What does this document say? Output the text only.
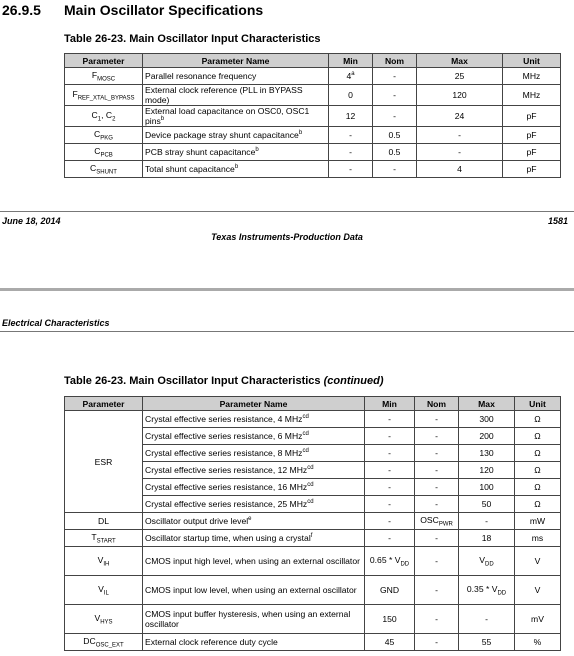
26.9.5 Main Oscillator Specifications
Table 26-23. Main Oscillator Input Characteristics
Parameter	Parameter Name	Min	Nom	Max	Unit
$F_{MOSC}$	Parallel resonance frequency	4$^a$	-	25	MHz
$F_{REF\_XTAL\_BYPASS}$	External clock reference (PLL in BYPASS mode)	0	-	120	MHz
$C_1$, $C_2$	External load capacitance on OSC0, OSC1 pins$^b$	12	-	24	pF
$C_{PKG}$	Device package stray shunt capacitance$^b$	-	0.5	-	pF
$C_{PCB}$	PCB stray shunt capacitance$^b$	-	0.5	-	pF
$C_{SHUNT}$	Total shunt capacitance$^b$	-	-	4	pF
June 18, 2014	1581
Texas Instruments-Production Data
Electrical Characteristics
Table 26-23. Main Oscillator Input Characteristics (continued)
Parameter	Parameter Name	Min	Nom	Max	Unit
ESR	Crystal effective series resistance, 4 MHz$^{cd}$	-	-	300	Ω
	Crystal effective series resistance, 6 MHz$^{cd}$	-	-	200	Ω
	Crystal effective series resistance, 8 MHz$^{cd}$	-	-	130	Ω
	Crystal effective series resistance, 12 MHz$^{cd}$	-	-	120	Ω
	Crystal effective series resistance, 16 MHz$^{cd}$	-	-	100	Ω
	Crystal effective series resistance, 25 MHz$^{cd}$	-	-	50	Ω
DL	Oscillator output drive level$^e$	-	$OSC_{PWR}$	-	mW
$T_{START}$	Oscillator startup time, when using a crystal$^f$	-	-	18	ms
$V_{IH}$	CMOS input high level, when using an external oscillator	$0.65 * V_{DD}$	-	$V_{DD}$	V
$V_{IL}$	CMOS input low level, when using an external oscillator	GND	-	$0.35 * V_{DD}$	V
$V_{HYS}$	CMOS input buffer hysteresis, when using an external oscillator	150	-	-	mV
$DC_{OSC\_EXT}$	External clock reference duty cycle	45	-	55	%
